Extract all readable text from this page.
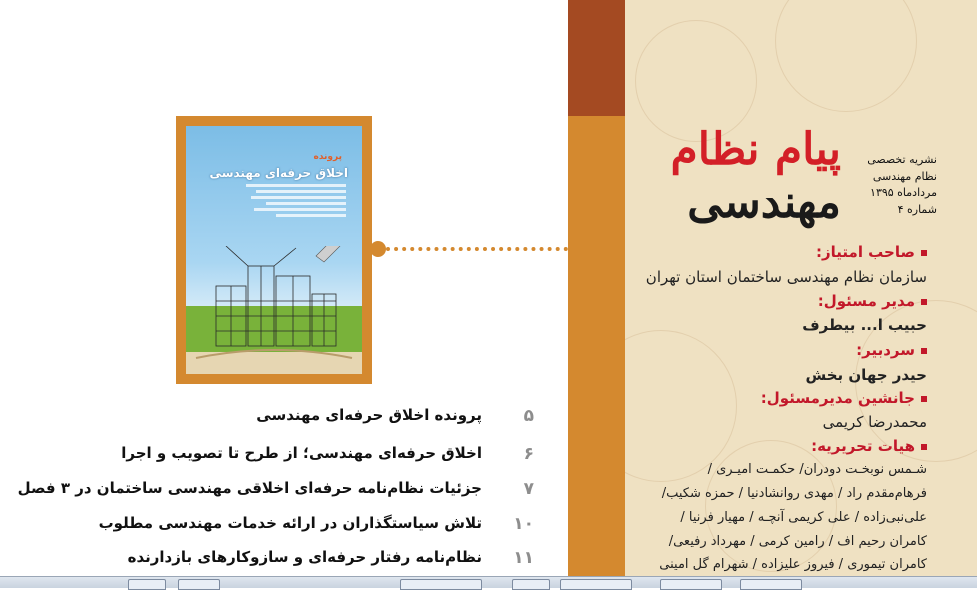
پرونده
اخلاق حرفه‌ای مهندسی
پرونده اخلاق حرفه‌ای مهندسی ۵
اخلاق حرفه‌ای مهندسی؛ از طرح تا تصویب و اجرا ۶
جزئیات نظام‌نامه حرفه‌ای اخلاقی مهندسی ساختمان در ۳ فصل ۷
تلاش سیاستگذاران در ارائه خدمات مهندسی مطلوب ۱۰
نظام‌نامه رفتار حرفه‌ای و سازوکارهای بازدارنده ۱۱
پیام نظام
مهندسی
نشریه تخصصی
نظام مهندسی
مردادماه ۱۳۹۵
شماره ۴
صاحب امتیاز:
سازمان نظام مهندسی ساختمان استان تهران
مدیر مسئول:
حبیب ا... بیطرف
سردبیر:
حیدر جهان بخش
جانشین مدیرمسئول:
محمدرضا کریمی
هیات تحریریه:
شـمس نوبخـت دودران/ حکمـت امیـری /
فرهام‌مقدم راد / مهدی روانشادنیا / حمزه شکیب/
علی‌نبی‌زاده / علی کریمی آنچـه / مهیار فرنیا /
کامران رحیم اف / رامین کرمی / مهرداد رفیعی/
کامران تیموری / فیروز علیزاده / شهرام گل امینی
